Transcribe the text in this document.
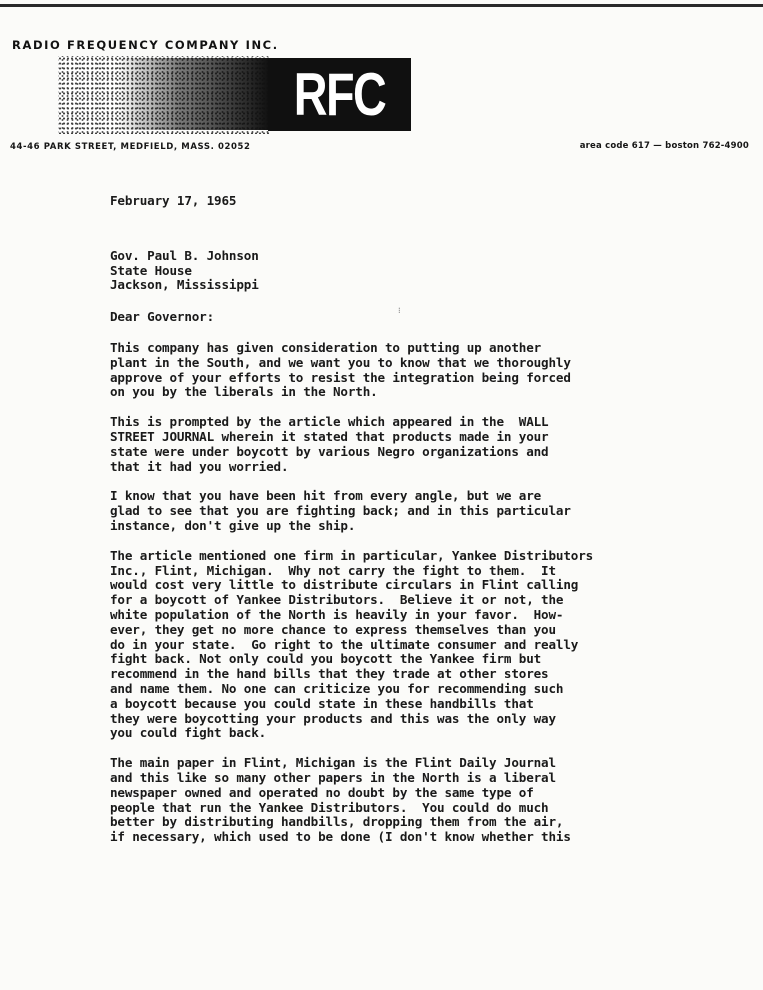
RADIO FREQUENCY COMPANY INC.
RFC
44-46 PARK STREET, MEDFIELD, MASS. 02052	area code 617 — boston 762-4900
⁝
February 17, 1965
Gov. Paul B. Johnson
State House
Jackson, Mississippi
Dear Governor:
This company has given consideration to putting up another
plant in the South, and we want you to know that we thoroughly
approve of your efforts to resist the integration being forced
on you by the liberals in the North.
This is prompted by the article which appeared in the  WALL
STREET JOURNAL wherein it stated that products made in your
state were under boycott by various Negro organizations and
that it had you worried.
I know that you have been hit from every angle, but we are
glad to see that you are fighting back; and in this particular
instance, don't give up the ship.
The article mentioned one firm in particular, Yankee Distributors
Inc., Flint, Michigan.  Why not carry the fight to them.  It
would cost very little to distribute circulars in Flint calling
for a boycott of Yankee Distributors.  Believe it or not, the
white population of the North is heavily in your favor.  How-
ever, they get no more chance to express themselves than you
do in your state.  Go right to the ultimate consumer and really
fight back. Not only could you boycott the Yankee firm but
recommend in the hand bills that they trade at other stores
and name them. No one can criticize you for recommending such
a boycott because you could state in these handbills that
they were boycotting your products and this was the only way
you could fight back.
The main paper in Flint, Michigan is the Flint Daily Journal
and this like so many other papers in the North is a liberal
newspaper owned and operated no doubt by the same type of
people that run the Yankee Distributors.  You could do much
better by distributing handbills, dropping them from the air,
if necessary, which used to be done (I don't know whether this
